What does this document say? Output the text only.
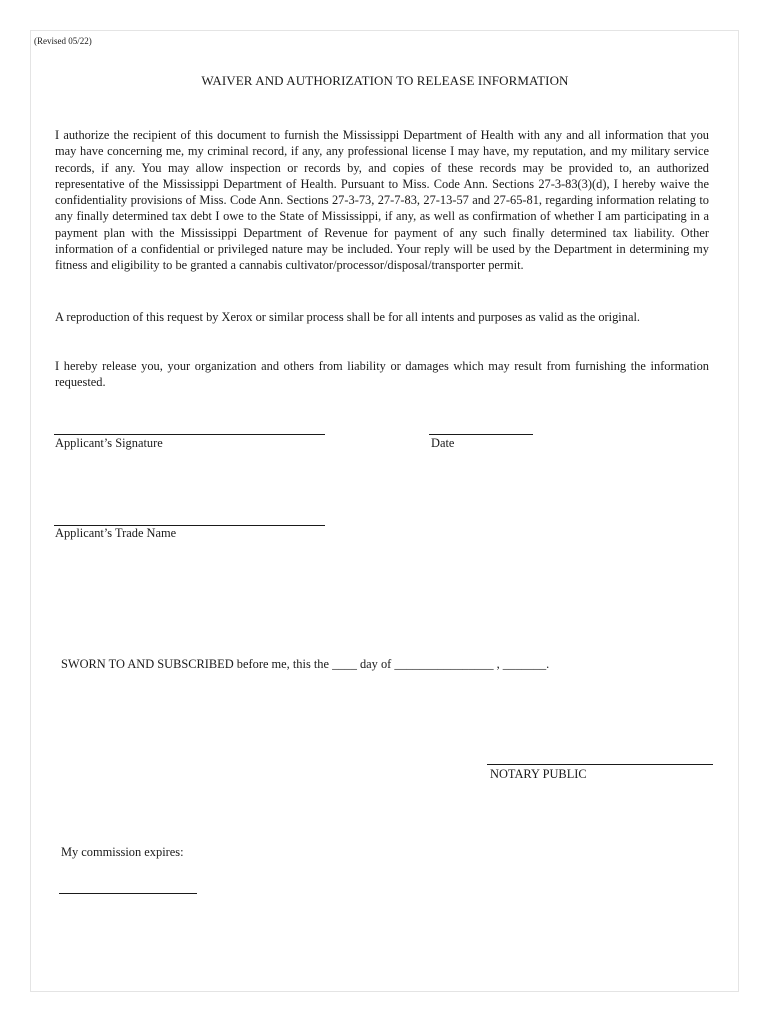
(Revised 05/22)
WAIVER AND AUTHORIZATION TO RELEASE INFORMATION
I authorize the recipient of this document to furnish the Mississippi Department of Health with any and all information that you may have concerning me, my criminal record, if any, any professional license I may have, my reputation, and my military service records, if any. You may allow inspection or records by, and copies of these records may be provided to, an authorized representative of the Mississippi Department of Health. Pursuant to Miss. Code Ann. Sections 27-3-83(3)(d), I hereby waive the confidentiality provisions of Miss. Code Ann. Sections 27-3-73, 27-7-83, 27-13-57 and 27-65-81, regarding information relating to any finally determined tax debt I owe to the State of Mississippi, if any, as well as confirmation of whether I am participating in a payment plan with the Mississippi Department of Revenue for payment of any such finally determined tax liability. Other information of a confidential or privileged nature may be included. Your reply will be used by the Department in determining my fitness and eligibility to be granted a cannabis cultivator/processor/disposal/transporter permit.
A reproduction of this request by Xerox or similar process shall be for all intents and purposes as valid as the original.
I hereby release you, your organization and others from liability or damages which may result from furnishing the information requested.
Applicant’s Signature	Date
Applicant’s Trade Name
SWORN TO AND SUBSCRIBED before me, this the ____ day of ________________ , _______.
NOTARY PUBLIC
My commission expires:
